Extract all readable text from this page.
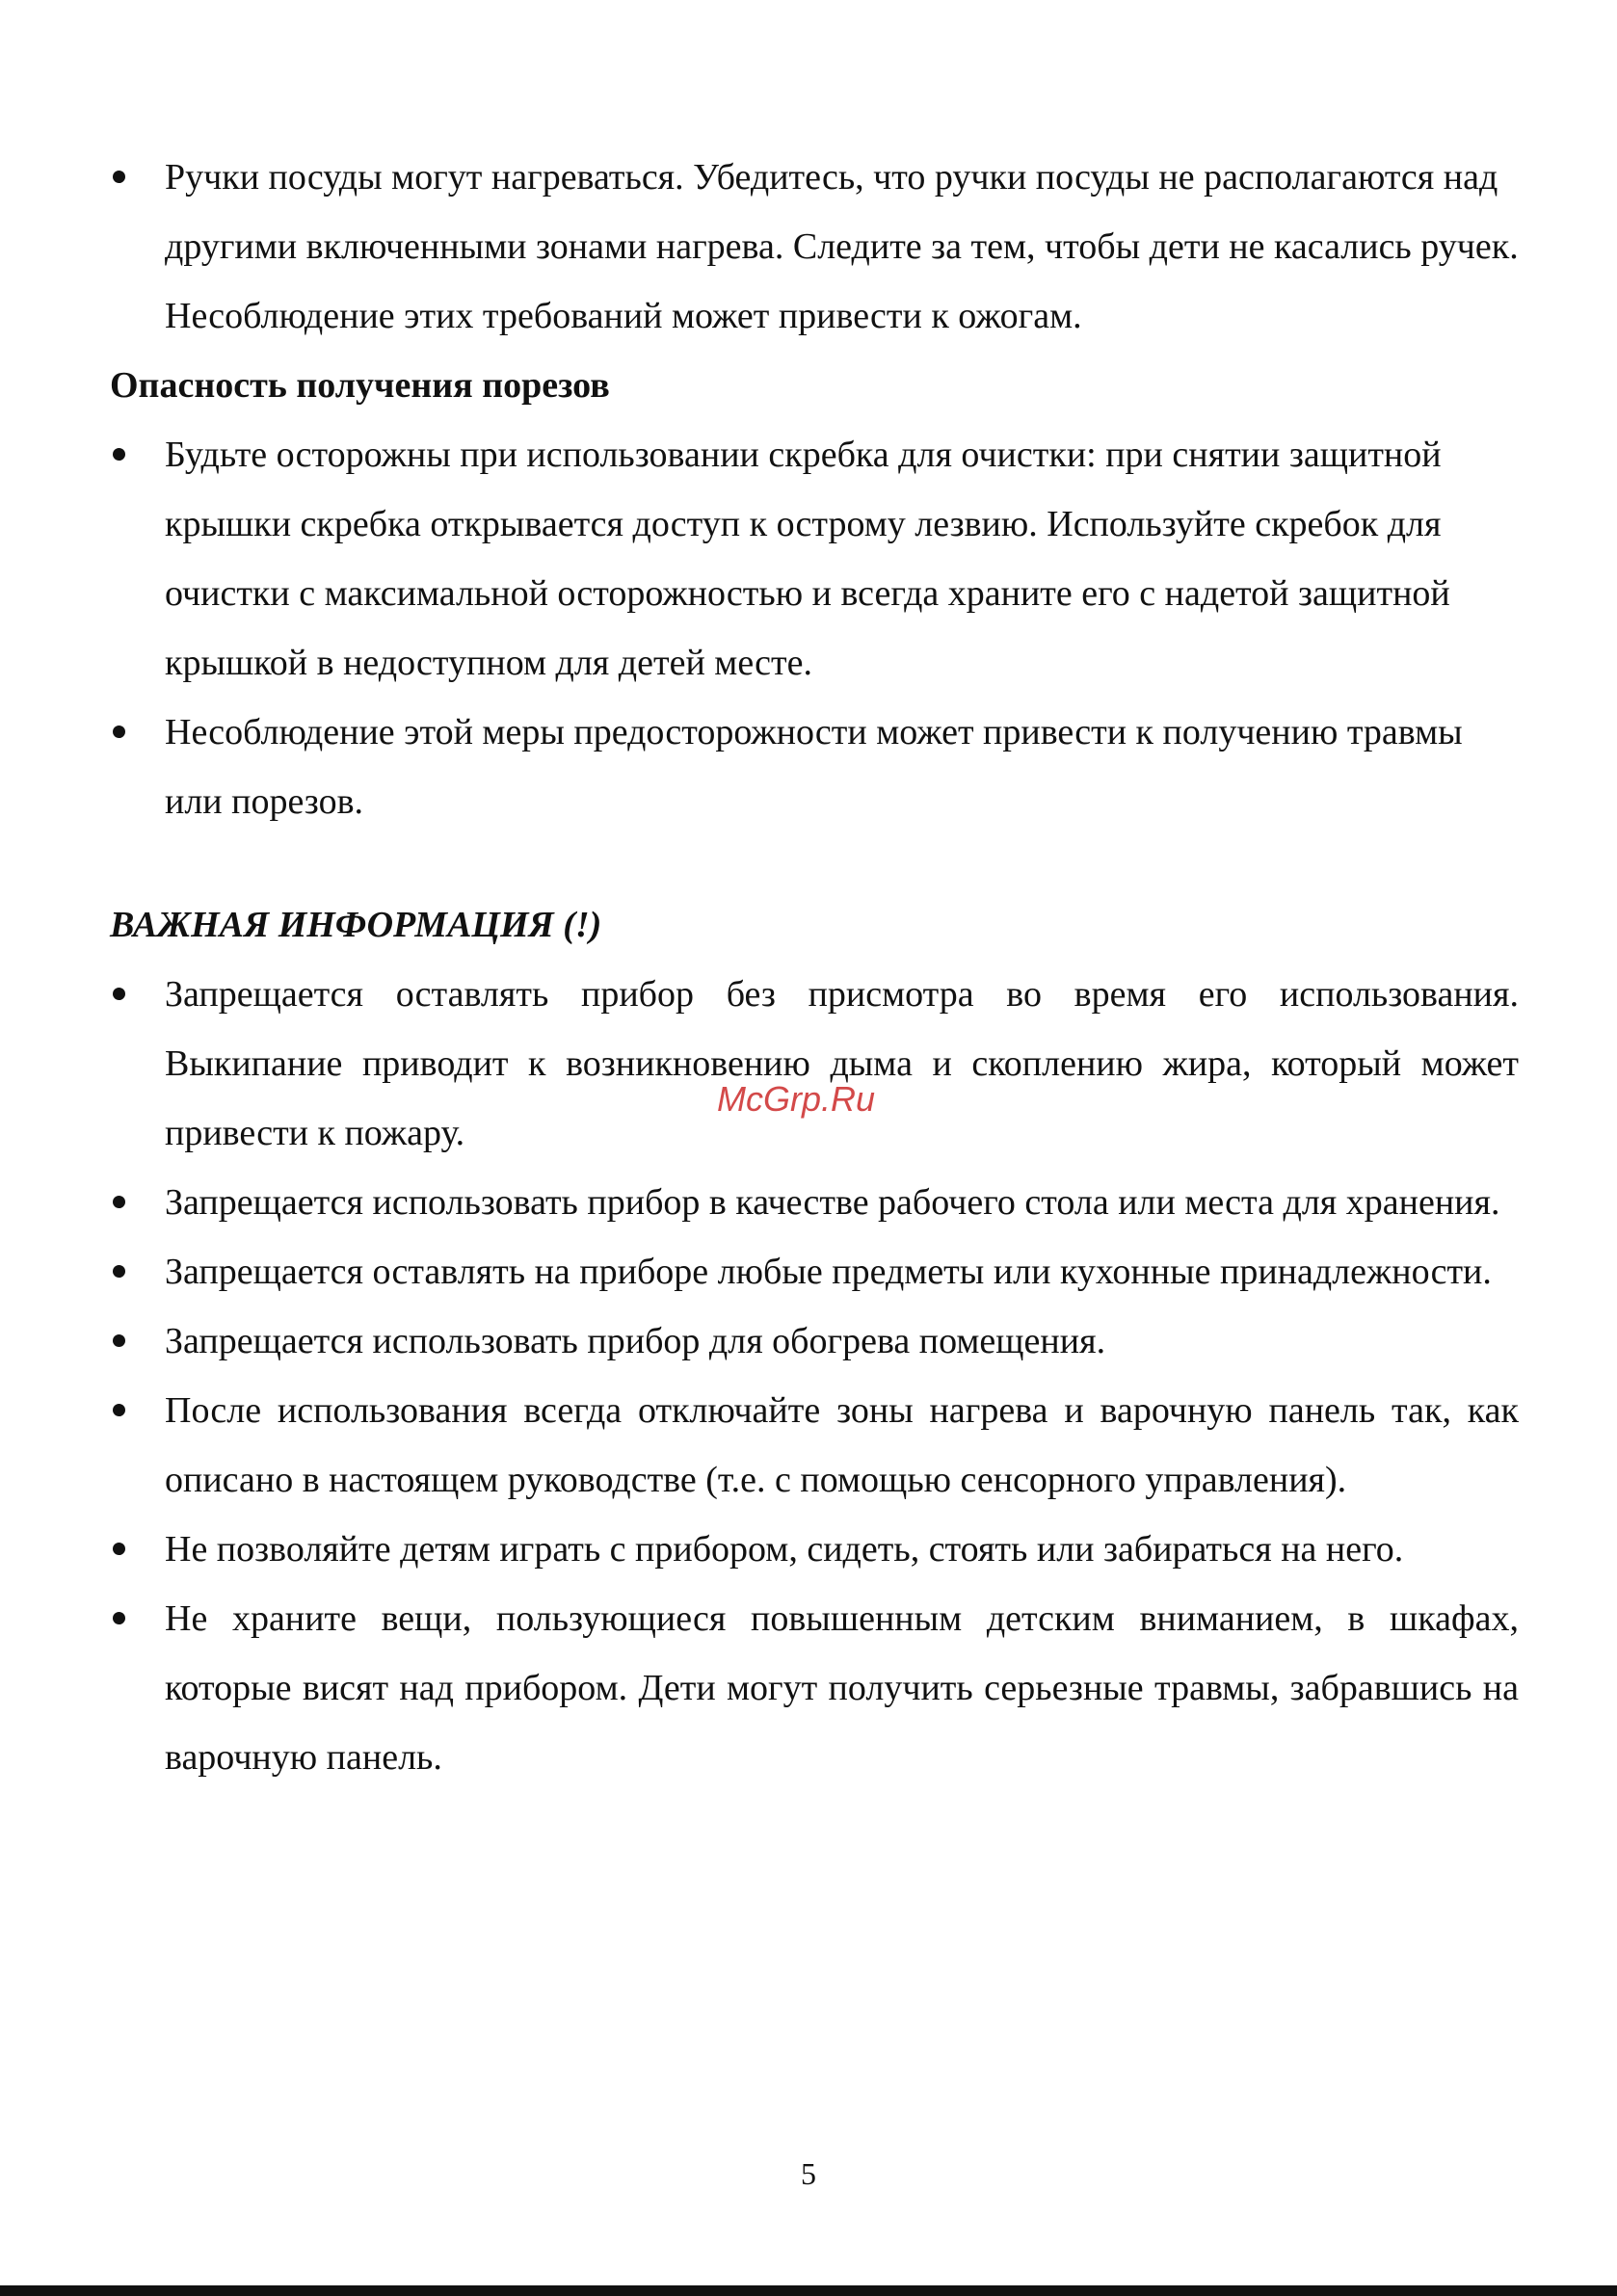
Ручки посуды могут нагреваться. Убедитесь, что ручки посуды не располагаются над другими включенными зонами нагрева. Следите за тем, чтобы дети не касались ручек. Несоблюдение этих требований может привести к ожогам.
Опасность получения порезов
Будьте осторожны при использовании скребка для очистки: при снятии защитной крышки скребка открывается доступ к острому лезвию. Используйте скребок для очистки с максимальной осторожностью и всегда храните его с надетой защитной крышкой в недоступном для детей месте.
Несоблюдение этой меры предосторожности может привести к получению травмы или порезов.
ВАЖНАЯ ИНФОРМАЦИЯ (!)
Запрещается оставлять прибор без присмотра во время его использования. Выкипание приводит к возникновению дыма и скоплению жира, который может привести к пожару.
Запрещается использовать прибор в качестве рабочего стола или места для хранения.
Запрещается оставлять на приборе любые предметы или кухонные принадлежности.
Запрещается использовать прибор для обогрева помещения.
После использования всегда отключайте зоны нагрева и варочную панель так, как описано в настоящем руководстве (т.е. с помощью сенсорного управления).
Не позволяйте детям играть с прибором, сидеть, стоять или забираться на него.
Не храните вещи, пользующиеся повышенным детским вниманием, в шкафах, которые висят над прибором. Дети могут получить серьезные травмы, забравшись на варочную панель.
McGrp.Ru
5
